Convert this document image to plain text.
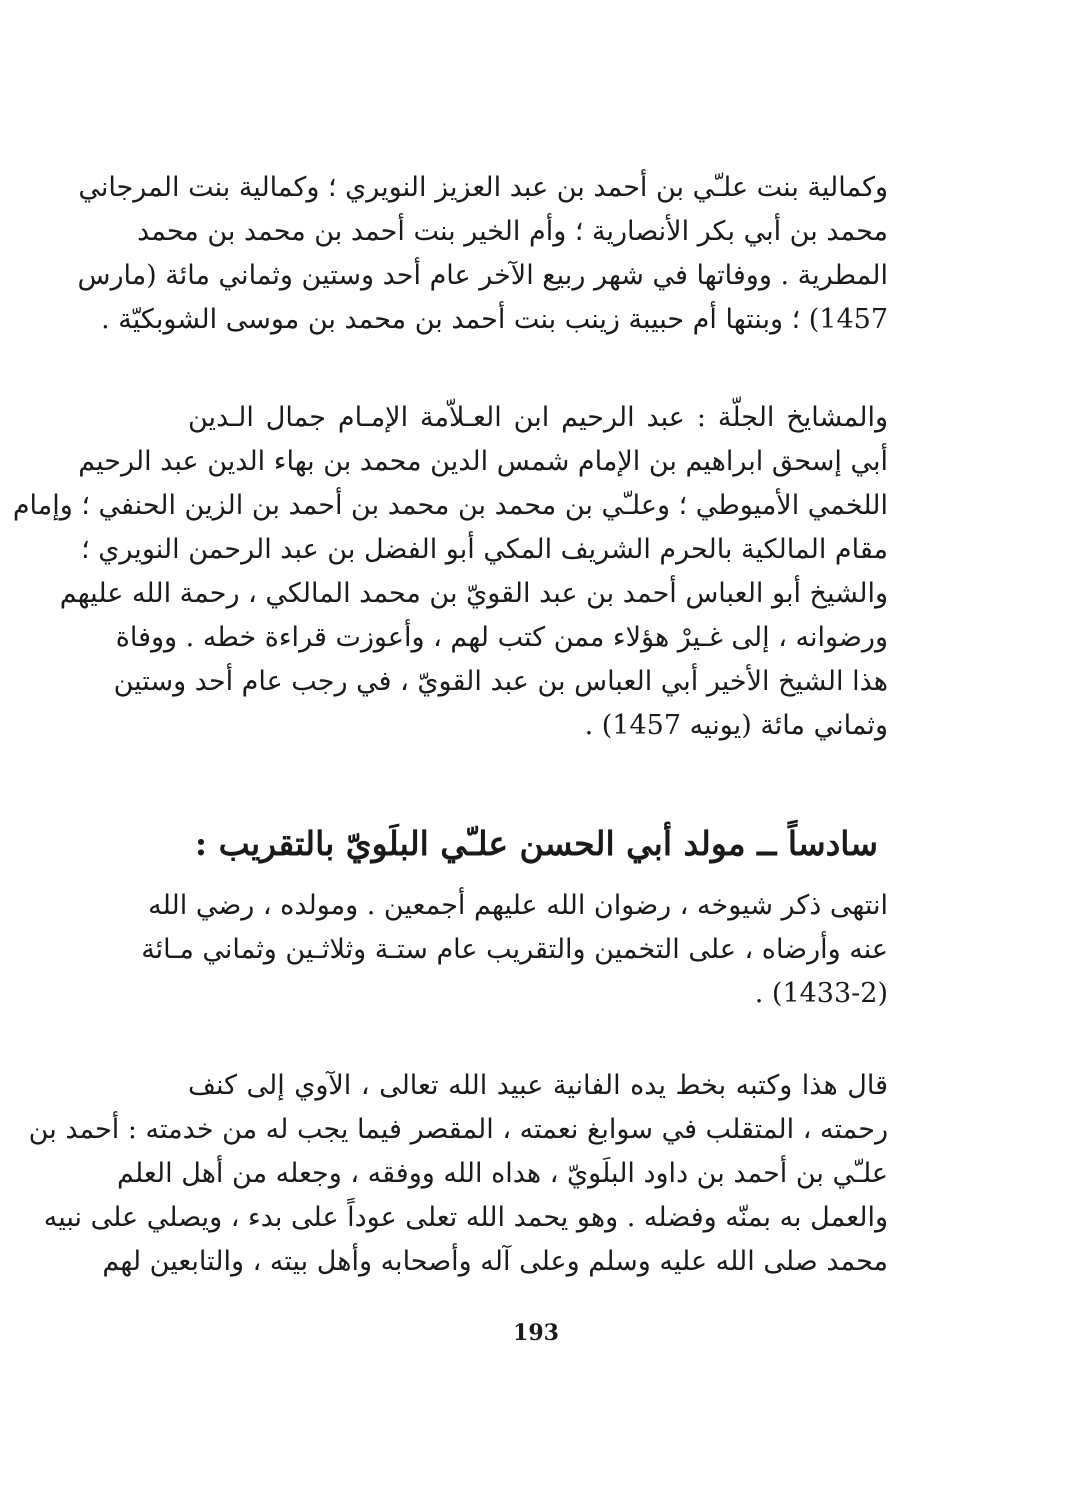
وكمالية بنت علـّي بن أحمد بن عبد العزيز النويري ؛ وكمالية بنت المرجاني
محمد بن أبي بكر الأنصارية ؛ وأم الخير بنت أحمد بن محمد بن محمد
المطرية . ووفاتها في شهر ربيع الآخر عام أحد وستين وثماني مائة (مارس
1457) ؛ وبنتها أم حبيبة زينب بنت أحمد بن محمد بن موسى الشوبكيّة .
والمشايخ الجلّة : عبد الرحيم ابن العـلاّمة الإمـام جمال الـدين
أبي إسحق ابراهيم بن الإمام شمس الدين محمد بن بهاء الدين عبد الرحيم
اللخمي الأميوطي ؛ وعلـّي بن محمد بن محمد بن أحمد بن الزين الحنفي ؛ وإمام
مقام المالكية بالحرم الشريف المكي أبو الفضل بن عبد الرحمن النويري ؛
والشيخ أبو العباس أحمد بن عبد القويّ بن محمد المالكي ، رحمة الله عليهم
ورضوانه ، إلى غـيرْ هؤلاء ممن كتب لهم ، وأعوزت قراءة خطه . ووفاة
هذا الشيخ الأخير أبي العباس بن عبد القويّ ، في رجب عام أحد وستين
وثماني مائة (يونيه 1457) .
سادساً ــ مولد أبي الحسن علـّي البلَويّ بالتقريب :
انتهى ذكر شيوخه ، رضوان الله عليهم أجمعين . ومولده ، رضي الله
عنه وأرضاه ، على التخمين والتقريب عام ستـة وثلاثـين وثماني مـائة
(1433-2) .
قال هذا وكتبه بخط يده الفانية عبيد الله تعالى ، الآوي إلى كنف
رحمته ، المتقلب في سوابغ نعمته ، المقصر فيما يجب له من خدمته : أحمد بن
علـّي بن أحمد بن داود البلَويّ ، هداه الله ووفقه ، وجعله من أهل العلم
والعمل به بمنّه وفضله . وهو يحمد الله تعلى عوداً على بدء ، ويصلي على نبيه
محمد صلى الله عليه وسلم وعلى آله وأصحابه وأهل بيته ، والتابعين لهم
193
